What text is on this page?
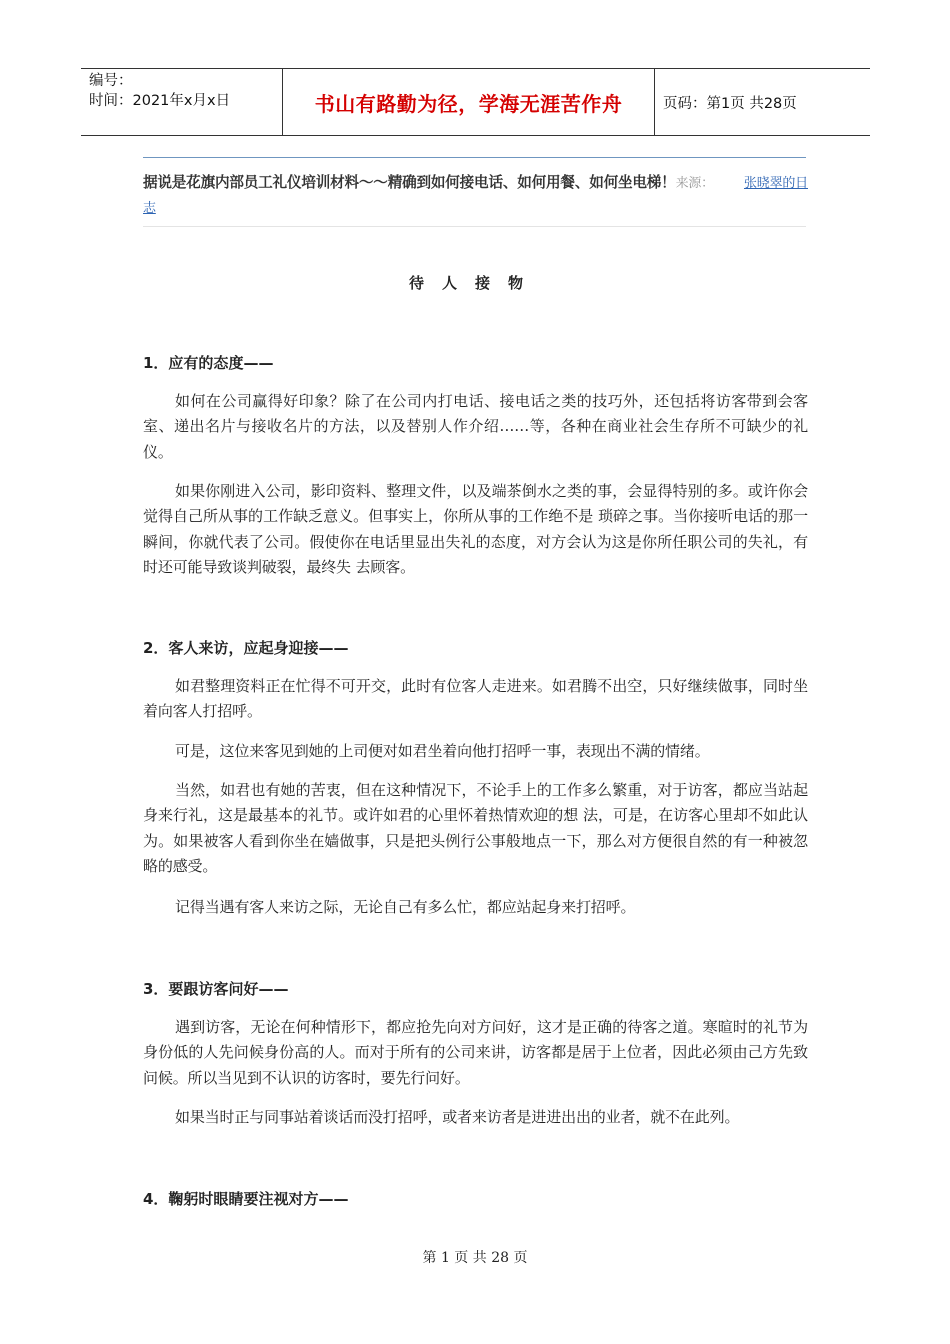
编号：
时间：2021年x月x日	书山有路勤为径，学海无涯苦作舟	页码：第1页 共28页
据说是花旗内部员工礼仪培训材料～～精确到如何接电话、如何用餐、如何坐电梯！来源： 张晓翠的日志
待人接物
1．应有的态度——
如何在公司赢得好印象？除了在公司内打电话、接电话之类的技巧外，还包括将访客带到会客室、递出名片与接收名片的方法，以及替别人作介绍……等，各种在商业社会生存所不可缺少的礼仪。
如果你刚进入公司，影印资料、整理文件，以及端茶倒水之类的事，会显得特别的多。或许你会觉得自己所从事的工作缺乏意义。但事实上，你所从事的工作绝不是 琐碎之事。当你接听电话的那一瞬间，你就代表了公司。假使你在电话里显出失礼的态度，对方会认为这是你所任职公司的失礼，有时还可能导致谈判破裂，最终失 去顾客。
2．客人来访，应起身迎接——
如君整理资料正在忙得不可开交，此时有位客人走进来。如君腾不出空，只好继续做事，同时坐着向客人打招呼。
可是，这位来客见到她的上司便对如君坐着向他打招呼一事，表现出不满的情绪。
当然，如君也有她的苦衷，但在这种情况下，不论手上的工作多么繁重，对于访客，都应当站起身来行礼，这是最基本的礼节。或许如君的心里怀着热情欢迎的想 法，可是，在访客心里却不如此认为。如果被客人看到你坐在嫱做事，只是把头例行公事般地点一下，那么对方便很自然的有一种被忽略的感受。
记得当遇有客人来访之际，无论自己有多么忙，都应站起身来打招呼。
3．要跟访客问好——
遇到访客，无论在何种情形下，都应抢先向对方问好，这才是正确的待客之道。寒暄时的礼节为身份低的人先问候身份高的人。而对于所有的公司来讲，访客都是居于上位者，因此必须由己方先致问候。所以当见到不认识的访客时，要先行问好。
如果当时正与同事站着谈话而没打招呼，或者来访者是进进出出的业者，就不在此列。
4．鞠躬时眼睛要注视对方——
第 1 页 共 28 页
